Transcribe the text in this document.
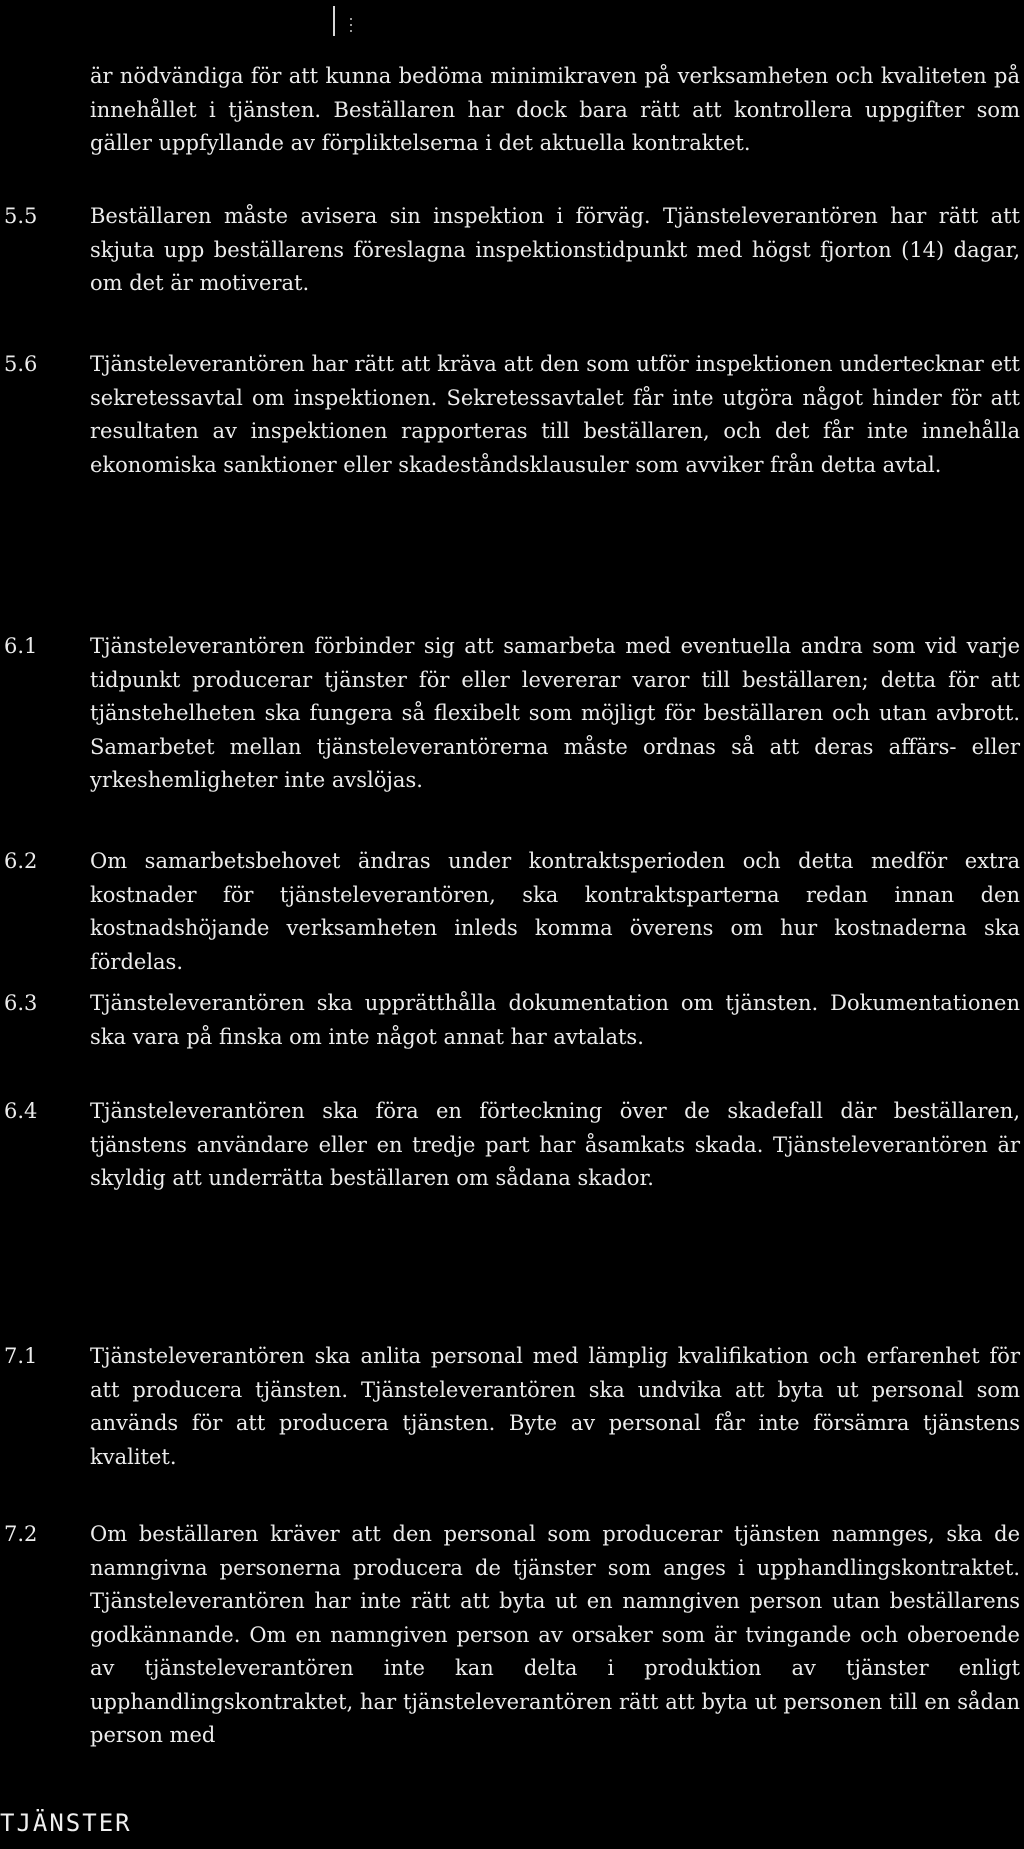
är nödvändiga för att kunna bedöma minimikraven på verksamheten och kvaliteten på innehållet i tjänsten. Beställaren har dock bara rätt att kontrollera uppgifter som gäller uppfyllande av förpliktelserna i det aktuella kontraktet.

5.5	Beställaren måste avisera sin inspektion i förväg. Tjänsteleverantören har rätt att skjuta upp beställarens föreslagna inspektionstidpunkt med högst fjorton (14) dagar, om det är motiverat.

5.6	Tjänsteleverantören har rätt att kräva att den som utför inspektionen undertecknar ett sekretessavtal om inspektionen. Sekretessavtalet får inte utgöra något hinder för att resultaten av inspektionen rapporteras till beställaren, och det får inte innehålla ekonomiska sanktioner eller skadeståndsklausuler som avviker från detta avtal.

6.1	Tjänsteleverantören förbinder sig att samarbeta med eventuella andra som vid varje tidpunkt producerar tjänster för eller levererar varor till beställaren; detta för att tjänstehelheten ska fungera så flexibelt som möjligt för beställaren och utan avbrott. Samarbetet mellan tjänsteleverantörerna måste ordnas så att deras affärs- eller yrkeshemligheter inte avslöjas.

6.2	Om samarbetsbehovet ändras under kontraktsperioden och detta medför extra kostnader för tjänsteleverantören, ska kontraktsparterna redan innan den kostnadshöjande verksamheten inleds komma överens om hur kostnaderna ska fördelas.

6.3	Tjänsteleverantören ska upprätthålla dokumentation om tjänsten. Dokumentationen ska vara på finska om inte något annat har avtalats.

6.4	Tjänsteleverantören ska föra en förteckning över de skadefall där beställaren, tjänstens användare eller en tredje part har åsamkats skada. Tjänsteleverantören är skyldig att underrätta beställaren om sådana skador.

7.1	Tjänsteleverantören ska anlita personal med lämplig kvalifikation och erfarenhet för att producera tjänsten. Tjänsteleverantören ska undvika att byta ut personal som används för att producera tjänsten. Byte av personal får inte försämra tjänstens kvalitet.

7.2	Om beställaren kräver att den personal som producerar tjänsten namnges, ska de namngivna personerna producera de tjänster som anges i upphandlingskontraktet. Tjänsteleverantören har inte rätt att byta ut en namngiven person utan beställarens godkännande. Om en namngiven person av orsaker som är tvingande och oberoende av tjänsteleverantören inte kan delta i produktion av tjänster enligt upphandlingskontraktet, har tjänsteleverantören rätt att byta ut personen till en sådan person med

TJÄNSTER
